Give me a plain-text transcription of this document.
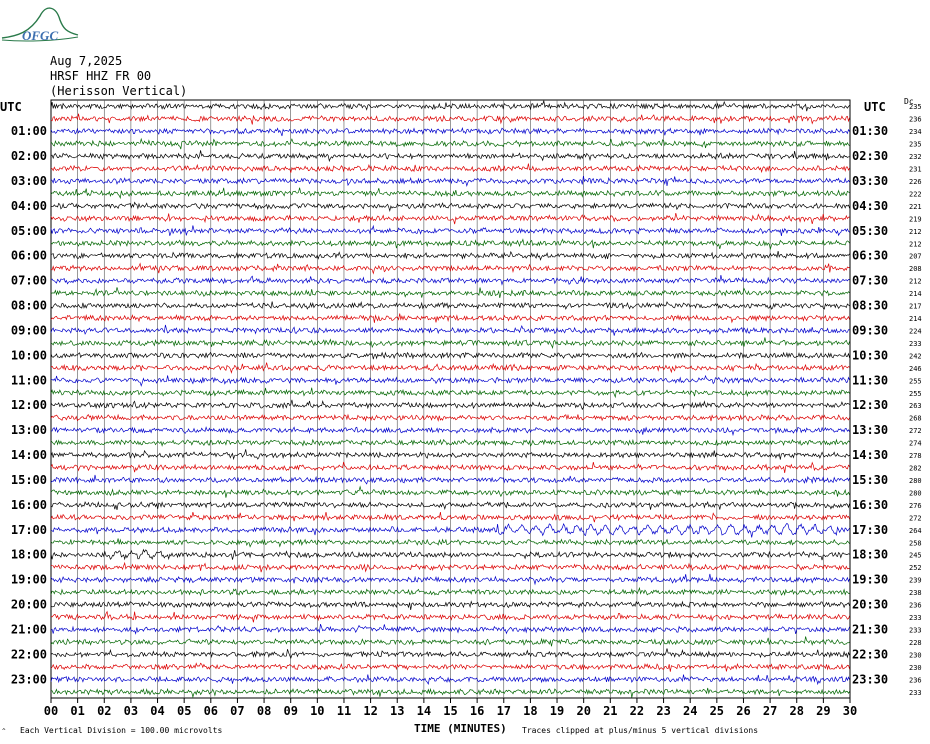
OFGC
Aug 7,2025
HRSF HHZ FR 00
(Herisson Vertical)
UTC	UTC Dc
00 01 02 03 04 05 06 07 08 09 10 11 12 13 14 15 16 17 18 19 20 21 22 23 24 25 26 27 28 29 30
235
236
234
235
232
231
226
222
221
219
212
212
207
208
212
214
217
214
224
233
242
246
255
255
263
268
272
274
278
282
280
280
276
272
264
258
245
252
239
238
236
233
233
228
230
230
236
233
01:00
02:00
03:00
04:00
05:00
06:00
07:00
08:00
09:00
10:00
11:00
12:00
13:00
14:00
15:00
16:00
17:00
18:00
19:00
20:00
21:00
22:00
23:00
01:30
02:30
03:30
04:30
05:30
06:30
07:30
08:30
09:30
10:30
11:30
12:30
13:30
14:30
15:30
16:30
17:30
18:30
19:30
20:30
21:30
22:30
23:30
^ Each Vertical Division = 100.00 microvolts	TIME (MINUTES) Traces clipped at plus/minus 5 vertical divisions
